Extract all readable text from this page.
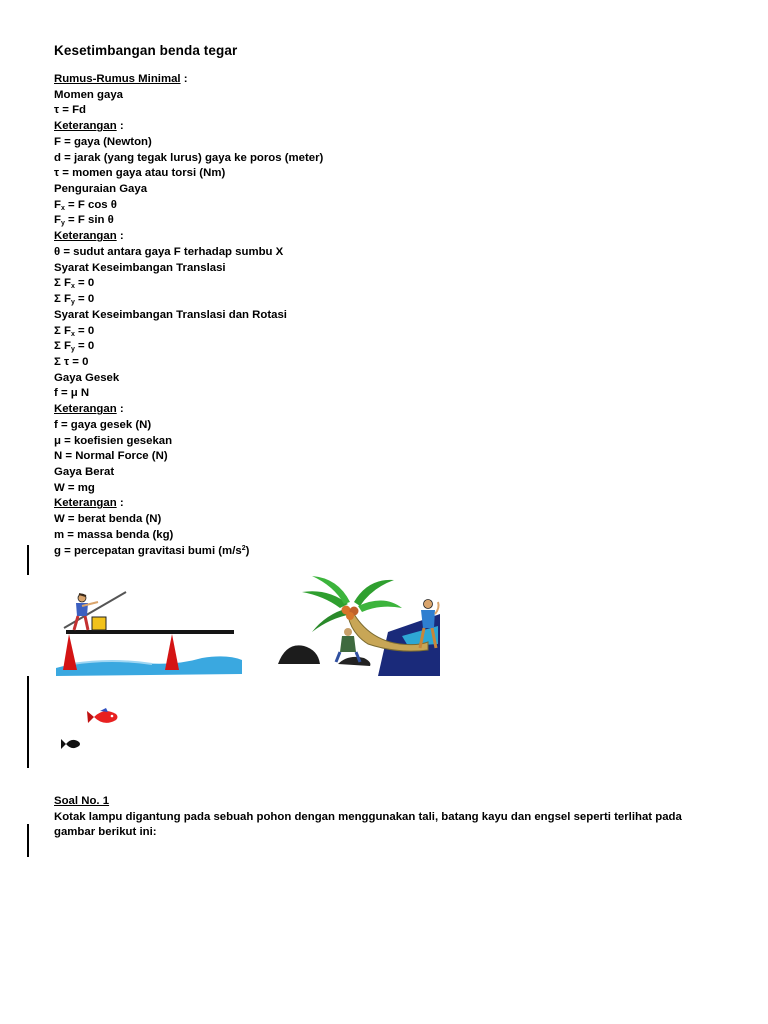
Kesetimbangan benda tegar
Rumus-Rumus Minimal :
Momen gaya
τ = Fd
Keterangan :
F = gaya (Newton)
d = jarak (yang tegak lurus) gaya ke poros (meter)
τ = momen gaya atau torsi (Nm)
Penguraian Gaya
$F_x = F$ cos θ
$F_y = F$ sin θ
Keterangan :
θ = sudut antara gaya F terhadap sumbu X
Syarat Keseimbangan Translasi
Σ $F_x = 0$
Σ $F_y = 0$
Syarat Keseimbangan Translasi dan Rotasi
Σ $F_x = 0$
Σ $F_y = 0$
Σ τ = 0
Gaya Gesek
f = μ N
Keterangan :
f = gaya gesek (N)
μ = koefisien gesekan
N = Normal Force (N)
Gaya Berat
W = mg
Keterangan :
W = berat benda (N)
m = massa benda (kg)
g = percepatan gravitasi bumi $(m/s^2)$
Soal No. 1
Kotak lampu digantung pada sebuah pohon dengan menggunakan tali, batang kayu dan engsel seperti terlihat pada
gambar berikut ini:
